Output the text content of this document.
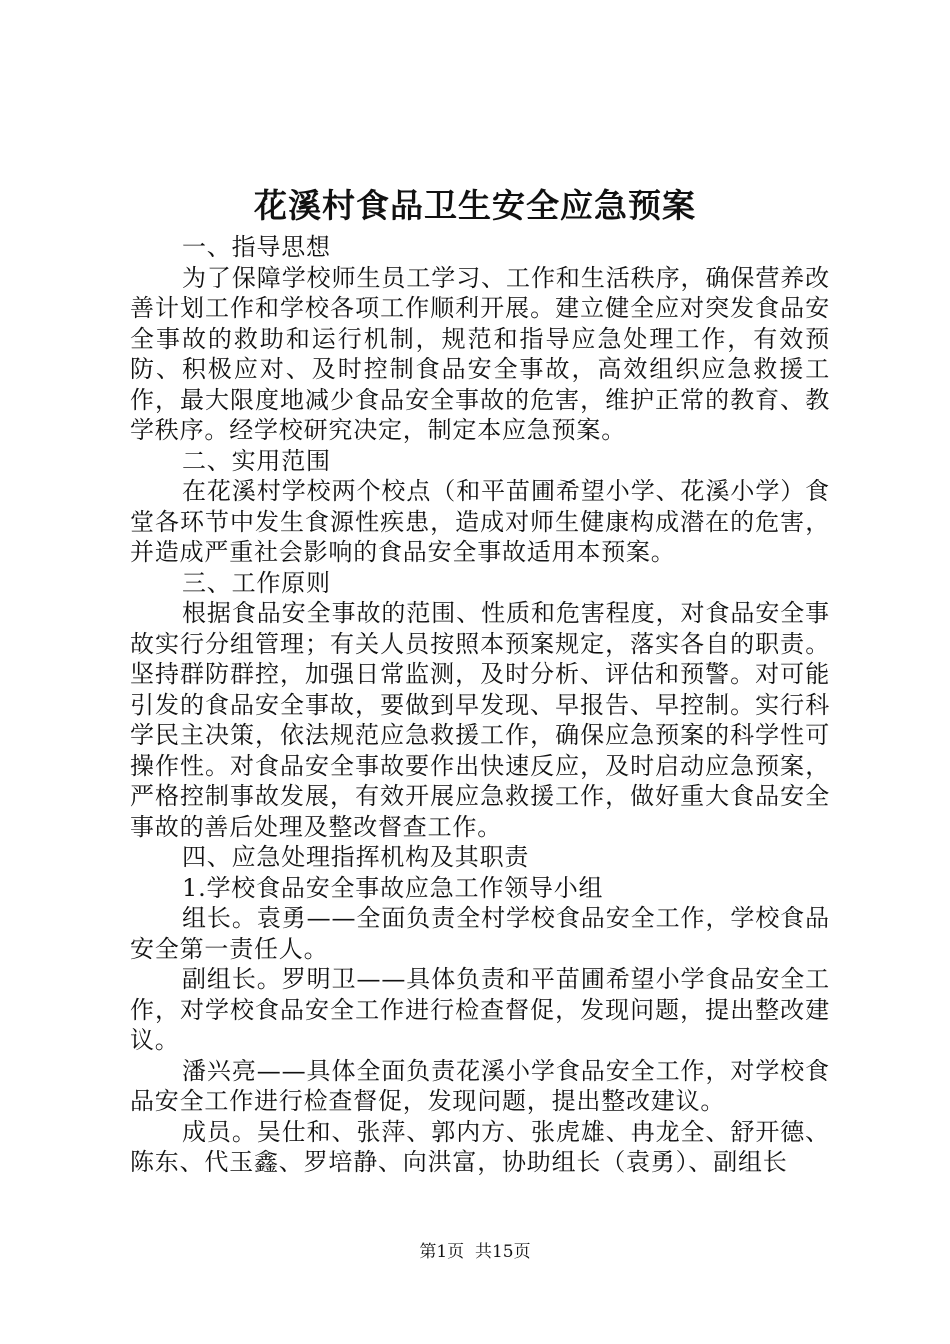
花溪村食品卫生安全应急预案

一、指导思想

为了保障学校师生员工学习、工作和生活秩序，确保营养改善计划工作和学校各项工作顺利开展。建立健全应对突发食品安全事故的救助和运行机制，规范和指导应急处理工作，有效预防、积极应对、及时控制食品安全事故，高效组织应急救援工作，最大限度地减少食品安全事故的危害，维护正常的教育、教学秩序。经学校研究决定，制定本应急预案。

二、实用范围

在花溪村学校两个校点（和平苗圃希望小学、花溪小学）食堂各环节中发生食源性疾患，造成对师生健康构成潜在的危害，并造成严重社会影响的食品安全事故适用本预案。

三、工作原则

根据食品安全事故的范围、性质和危害程度，对食品安全事故实行分组管理；有关人员按照本预案规定，落实各自的职责。坚持群防群控，加强日常监测，及时分析、评估和预警。对可能引发的食品安全事故，要做到早发现、早报告、早控制。实行科学民主决策，依法规范应急救援工作，确保应急预案的科学性可操作性。对食品安全事故要作出快速反应，及时启动应急预案，严格控制事故发展，有效开展应急救援工作，做好重大食品安全事故的善后处理及整改督查工作。

四、应急处理指挥机构及其职责

1.学校食品安全事故应急工作领导小组

组长。袁勇——全面负责全村学校食品安全工作，学校食品安全第一责任人。

副组长。罗明卫——具体负责和平苗圃希望小学食品安全工作，对学校食品安全工作进行检查督促，发现问题，提出整改建议。

潘兴亮——具体全面负责花溪小学食品安全工作，对学校食品安全工作进行检查督促，发现问题，提出整改建议。

成员。吴仕和、张萍、郭内方、张虎雄、冉龙全、舒开德、陈东、代玉鑫、罗培静、向洪富，协助组长（袁勇）、副组长

第1页  共15页
